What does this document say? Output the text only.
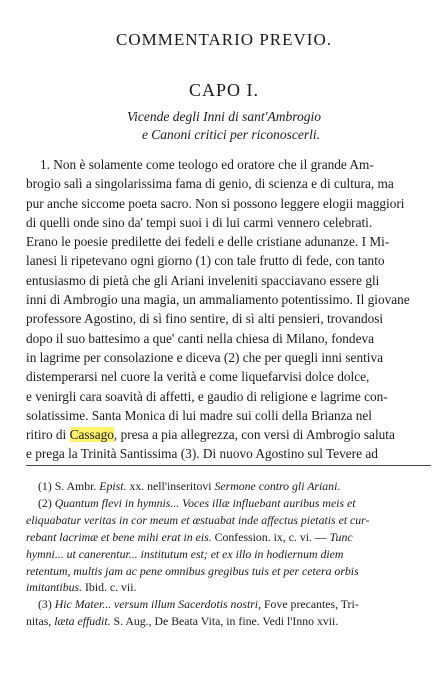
COMMENTARIO PREVIO.
CAPO I.
Vicende degli Inni di sant'Ambrogio
e Canoni critici per riconoscerli.
1. Non è solamente come teologo ed oratore che il grande Am-
brogio salì a singolarissima fama di genio, di scienza e di cultura, ma
pur anche siccome poeta sacro. Non si possono leggere elogii maggiori
di quelli onde sino da' tempi suoi i di lui carmi vennero celebrati.
Erano le poesie predilette dei fedeli e delle cristiane adunanze. I Mi-
lanesi li ripetevano ogni giorno (1) con tale frutto di fede, con tanto
entusiasmo di pietà che gli Ariani inveleniti spacciavano essere gli
inni di Ambrogio una magia, un ammaliamento potentissimo. Il giovane
professore Agostino, di sì fino sentire, di sì alti pensieri, trovandosi
dopo il suo battesimo a que' canti nella chiesa di Milano, fondeva
in lagrime per consolazione e diceva (2) che per quegli inni sentiva
distemperarsi nel cuore la verità e come liquefarvisi dolce dolce,
e venirgli cara soavità di affetti, e gaudio di religione e lagrime con-
solatissime. Santa Monica di lui madre sui colli della Brianza nel
ritiro di Cassago, presa a pia allegrezza, con versi di Ambrogio saluta
e prega la Trinità Santissima (3). Di nuovo Agostino sul Tevere ad
(1) S. Ambr. Epist. xx. nell'inseritovi Sermone contro gli Ariani.
(2) Quantum flevi in hymnis... Voces illæ influebant auribus meis et
eliquabatur veritas in cor meum et æstuabat inde affectus pietatis et cur-
rebant lacrimæ et bene mihi erat in eis. Confession. ix, c. vi. — Tunc
hymni... ut canerentur... institutum est; et ex illo in hodiernum diem
retentum, multis jam ac pene omnibus gregibus tuis et per cetera orbis
imitantibus. Ibid. c. vii.
(3) Hic Mater... versum illum Sacerdotis nostri, Fove precantes, Tri-
nitas, læta effudit. S. Aug., De Beata Vita, in fine. Vedi l'Inno xvii.
